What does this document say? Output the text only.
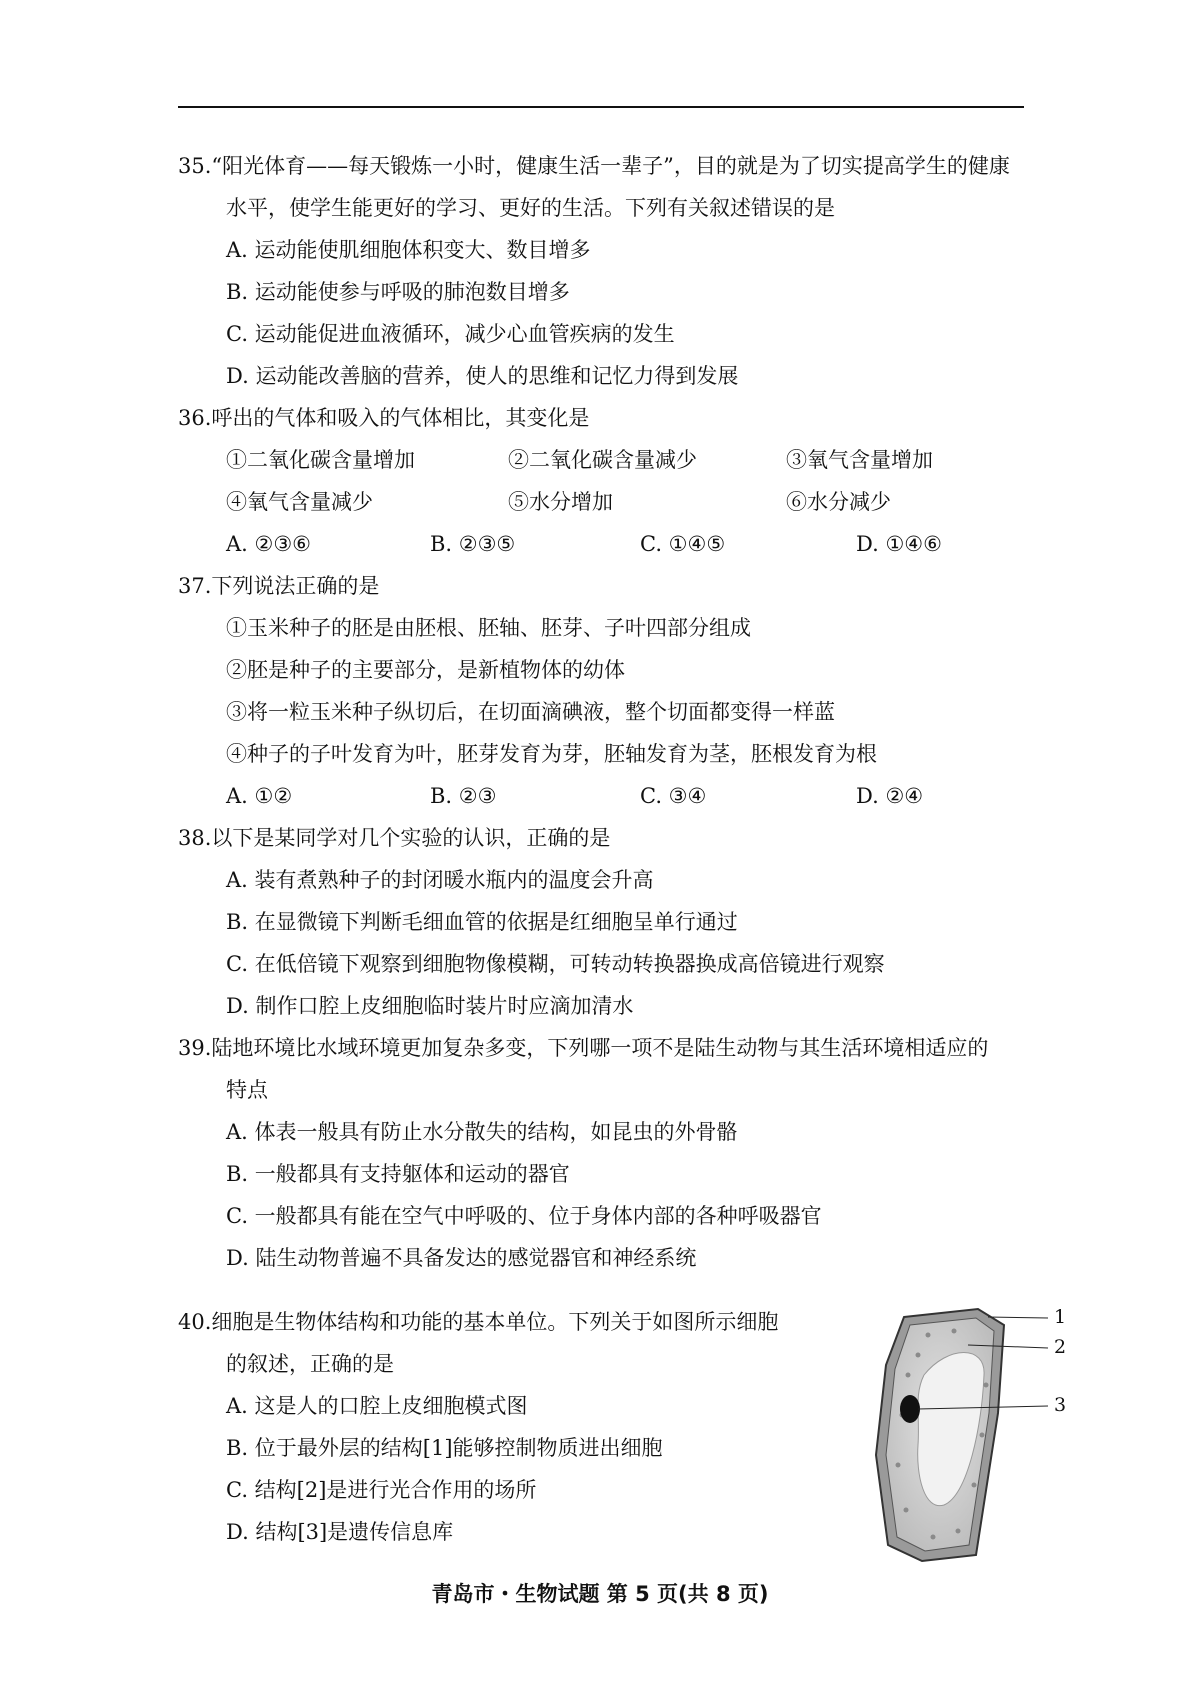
35.“阳光体育——每天锻炼一小时，健康生活一辈子”，目的就是为了切实提高学生的健康
水平，使学生能更好的学习、更好的生活。下列有关叙述错误的是
A. 运动能使肌细胞体积变大、数目增多
B. 运动能使参与呼吸的肺泡数目增多
C. 运动能促进血液循环，减少心血管疾病的发生
D. 运动能改善脑的营养，使人的思维和记忆力得到发展
36.呼出的气体和吸入的气体相比，其变化是
①二氧化碳含量增加	②二氧化碳含量减少	③氧气含量增加
④氧气含量减少	⑤水分增加	⑥水分减少
A. ②③⑥	B. ②③⑤	C. ①④⑤	D. ①④⑥
37.下列说法正确的是
①玉米种子的胚是由胚根、胚轴、胚芽、子叶四部分组成
②胚是种子的主要部分，是新植物体的幼体
③将一粒玉米种子纵切后，在切面滴碘液，整个切面都变得一样蓝
④种子的子叶发育为叶，胚芽发育为芽，胚轴发育为茎，胚根发育为根
A. ①②	B. ②③	C. ③④	D. ②④
38.以下是某同学对几个实验的认识，正确的是
A. 装有煮熟种子的封闭暖水瓶内的温度会升高
B. 在显微镜下判断毛细血管的依据是红细胞呈单行通过
C. 在低倍镜下观察到细胞物像模糊，可转动转换器换成高倍镜进行观察
D. 制作口腔上皮细胞临时装片时应滴加清水
39.陆地环境比水域环境更加复杂多变，下列哪一项不是陆生动物与其生活环境相适应的
特点
A. 体表一般具有防止水分散失的结构，如昆虫的外骨骼
B. 一般都具有支持躯体和运动的器官
C. 一般都具有能在空气中呼吸的、位于身体内部的各种呼吸器官
D. 陆生动物普遍不具备发达的感觉器官和神经系统
40.细胞是生物体结构和功能的基本单位。下列关于如图所示细胞
的叙述，正确的是
A. 这是人的口腔上皮细胞模式图
B. 位于最外层的结构[1]能够控制物质进出细胞
C. 结构[2]是进行光合作用的场所
D. 结构[3]是遗传信息库
1
2
3
青岛市・生物试题 第 5 页(共 8 页)
